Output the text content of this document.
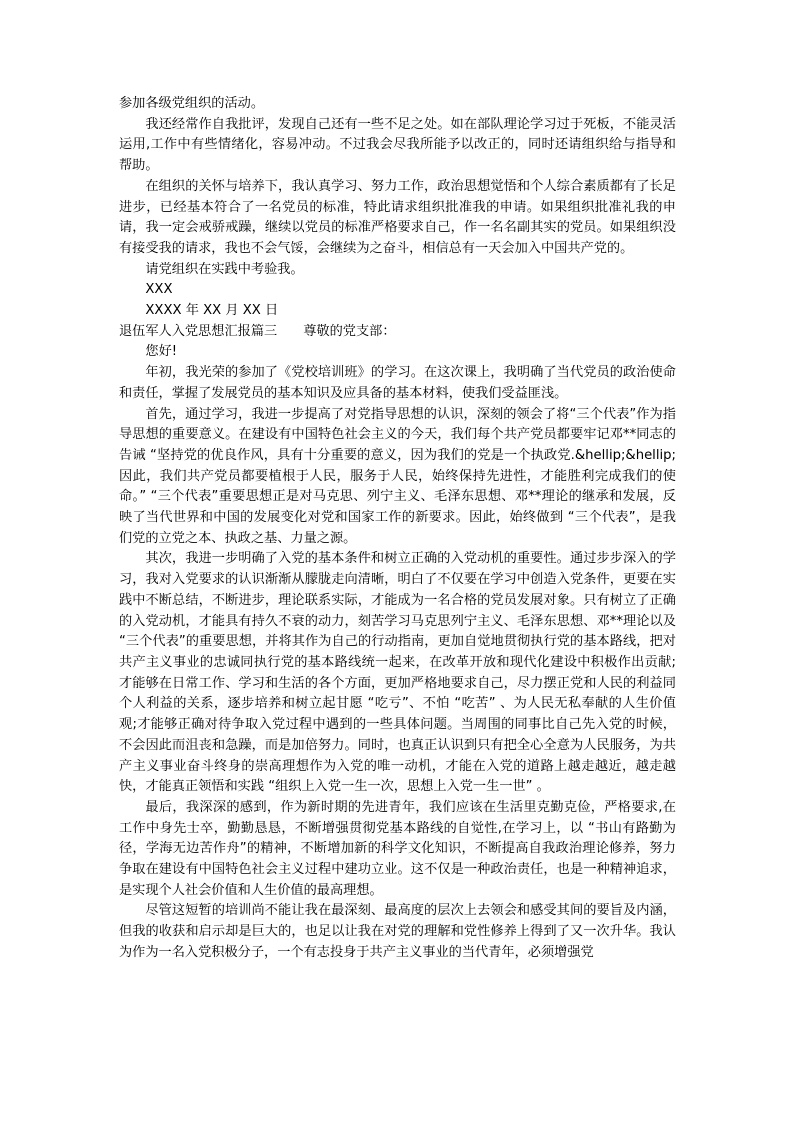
参加各级党组织的活动。

我还经常作自我批评，发现自己还有一些不足之处。如在部队理论学习过于死板，不能灵活运用,工作中有些情绪化，容易冲动。不过我会尽我所能予以改正的，同时还请组织给与指导和帮助。

在组织的关怀与培养下，我认真学习、努力工作，政治思想觉悟和个人综合素质都有了长足进步，已经基本符合了一名党员的标准，特此请求组织批准我的申请。如果组织批准礼我的申请，我一定会戒骄戒躁，继续以党员的标准严格要求自己，作一名名副其实的党员。如果组织没有接受我的请求，我也不会气馁，会继续为之奋斗，相信总有一天会加入中国共产党的。

请党组织在实践中考验我。

XXX

XXXX 年 XX 月 XX 日

退伍军人入党思想汇报篇三 尊敬的党支部：

您好!

年初，我光荣的参加了《党校培训班》的学习。在这次课上，我明确了当代党员的政治使命和责任，掌握了发展党员的基本知识及应具备的基本材料，使我们受益匪浅。

首先，通过学习，我进一步提高了对党指导思想的认识，深刻的领会了将“三个代表”作为指导思想的重要意义。在建设有中国特色社会主义的今天，我们每个共产党员都要牢记邓**同志的告诫 “坚持党的优良作风，具有十分重要的意义，因为我们的党是一个执政党.&hellip;&hellip; 因此，我们共产党员都要植根于人民，服务于人民，始终保持先进性，才能胜利完成我们的使命。” “三个代表”重要思想正是对马克思、列宁主义、毛泽东思想、邓**理论的继承和发展，反映了当代世界和中国的发展变化对党和国家工作的新要求。因此，始终做到 “三个代表”，是我们党的立党之本、执政之基、力量之源。

其次，我进一步明确了入党的基本条件和树立正确的入党动机的重要性。通过步步深入的学习，我对入党要求的认识渐渐从朦胧走向清晰，明白了不仅要在学习中创造入党条件，更要在实践中不断总结，不断进步，理论联系实际，才能成为一名合格的党员发展对象。只有树立了正确的入党动机，才能具有持久不衰的动力，刻苦学习马克思列宁主义、毛泽东思想、邓**理论以及 “三个代表”的重要思想，并将其作为自己的行动指南，更加自觉地贯彻执行党的基本路线，把对共产主义事业的忠诚同执行党的基本路线统一起来，在改革开放和现代化建设中积极作出贡献;才能够在日常工作、学习和生活的各个方面，更加严格地要求自己，尽力摆正党和人民的利益同个人利益的关系，逐步培养和树立起甘愿 “吃亏”、不怕 “吃苦” 、为人民无私奉献的人生价值观;才能够正确对待争取入党过程中遇到的一些具体问题。当周围的同事比自己先入党的时候，不会因此而沮丧和急躁，而是加倍努力。同时，也真正认识到只有把全心全意为人民服务，为共产主义事业奋斗终身的崇高理想作为入党的唯一动机，才能在入党的道路上越走越近，越走越快，才能真正领悟和实践 “组织上入党一生一次，思想上入党一生一世” 。

最后，我深深的感到，作为新时期的先进青年，我们应该在生活里克勤克俭，严格要求,在工作中身先士卒，勤勤恳恳，不断增强贯彻党基本路线的自觉性,在学习上，以 “书山有路勤为径，学海无边苦作舟”的精神，不断增加新的科学文化知识，不断提高自我政治理论修养，努力争取在建设有中国特色社会主义过程中建功立业。这不仅是一种政治责任，也是一种精神追求，是实现个人社会价值和人生价值的最高理想。

尽管这短暂的培训尚不能让我在最深刻、最高度的层次上去领会和感受其间的要旨及内涵，但我的收获和启示却是巨大的，也足以让我在对党的理解和党性修养上得到了又一次升华。我认为作为一名入党积极分子，一个有志投身于共产主义事业的当代青年，必须增强党
